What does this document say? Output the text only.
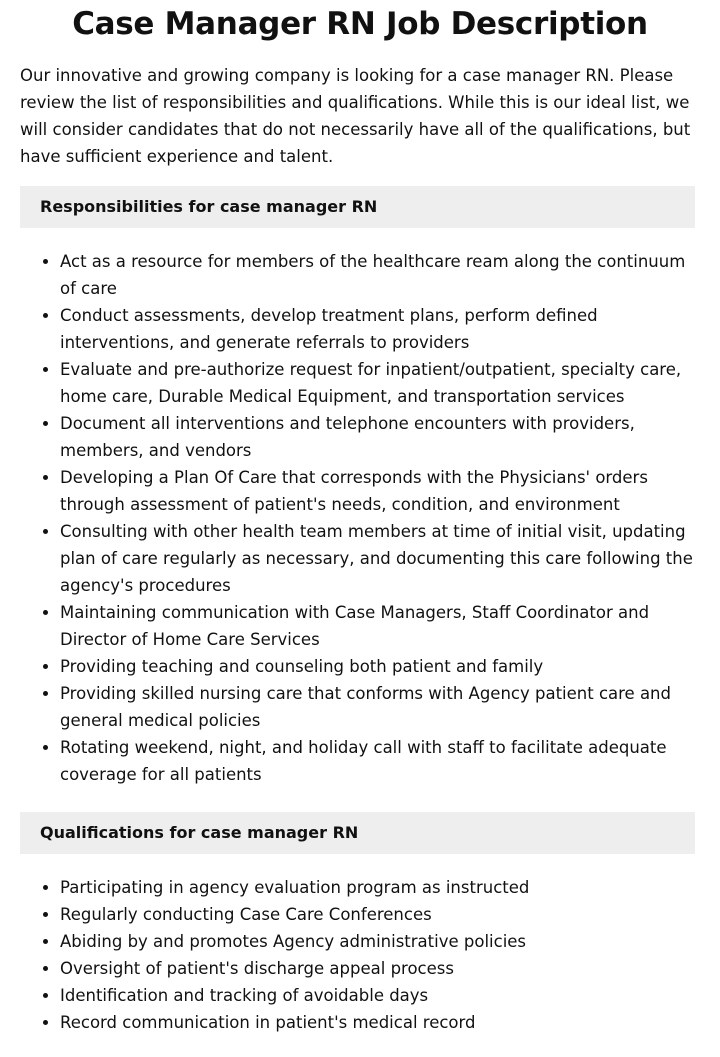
Case Manager RN Job Description

Our innovative and growing company is looking for a case manager RN. Please review the list of responsibilities and qualifications. While this is our ideal list, we will consider candidates that do not necessarily have all of the qualifications, but have sufficient experience and talent.

Responsibilities for case manager RN
• Act as a resource for members of the healthcare ream along the continuum of care
• Conduct assessments, develop treatment plans, perform defined interventions, and generate referrals to providers
• Evaluate and pre-authorize request for inpatient/outpatient, specialty care, home care, Durable Medical Equipment, and transportation services
• Document all interventions and telephone encounters with providers, members, and vendors
• Developing a Plan Of Care that corresponds with the Physicians' orders through assessment of patient's needs, condition, and environment
• Consulting with other health team members at time of initial visit, updating plan of care regularly as necessary, and documenting this care following the agency's procedures
• Maintaining communication with Case Managers, Staff Coordinator and Director of Home Care Services
• Providing teaching and counseling both patient and family
• Providing skilled nursing care that conforms with Agency patient care and general medical policies
• Rotating weekend, night, and holiday call with staff to facilitate adequate coverage for all patients
Qualifications for case manager RN
• Participating in agency evaluation program as instructed
• Regularly conducting Case Care Conferences
• Abiding by and promotes Agency administrative policies
• Oversight of patient's discharge appeal process
• Identification and tracking of avoidable days
• Record communication in patient's medical record
